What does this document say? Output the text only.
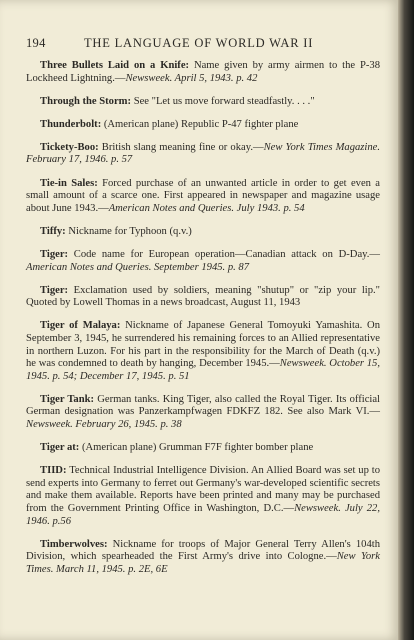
194	THE LANGUAGE OF WORLD WAR II

Three Bullets Laid on a Knife: Name given by army airmen to the P-38 Lockheed Lightning.—Newsweek. April 5, 1943. p. 42

Through the Storm: See "Let us move forward steadfastly. . . ."

Thunderbolt: (American plane) Republic P-47 fighter plane

Tickety-Boo: British slang meaning fine or okay.—New York Times Magazine. February 17, 1946. p. 57

Tie-in Sales: Forced purchase of an unwanted article in order to get even a small amount of a scarce one. First appeared in newspaper and magazine usage about June 1943.—American Notes and Queries. July 1943. p. 54

Tiffy: Nickname for Typhoon (q.v.)

Tiger: Code name for European operation—Canadian attack on D-Day.—American Notes and Queries. September 1945. p. 87

Tiger: Exclamation used by soldiers, meaning "shutup" or "zip your lip." Quoted by Lowell Thomas in a news broadcast, August 11, 1943

Tiger of Malaya: Nickname of Japanese General Tomoyuki Yamashita. On September 3, 1945, he surrendered his remaining forces to an Allied representative in northern Luzon. For his part in the responsibility for the March of Death (q.v.) he was condemned to death by hanging, December 1945.—Newsweek. October 15, 1945. p. 54; December 17, 1945. p. 51

Tiger Tank: German tanks. King Tiger, also called the Royal Tiger. Its official German designation was Panzerkampfwagen FDKFZ 182. See also Mark VI.—Newsweek. February 26, 1945. p. 38

Tiger at: (American plane) Grumman F7F fighter bomber plane

TIID: Technical Industrial Intelligence Division. An Allied Board was set up to send experts into Germany to ferret out Germany's war-developed scientific secrets and make them available. Reports have been printed and many may be purchased from the Government Printing Office in Washington, D.C.—Newsweek. July 22, 1946. p.56

Timberwolves: Nickname for troops of Major General Terry Allen's 104th Division, which spearheaded the First Army's drive into Cologne.—New York Times. March 11, 1945. p. 2E, 6E
